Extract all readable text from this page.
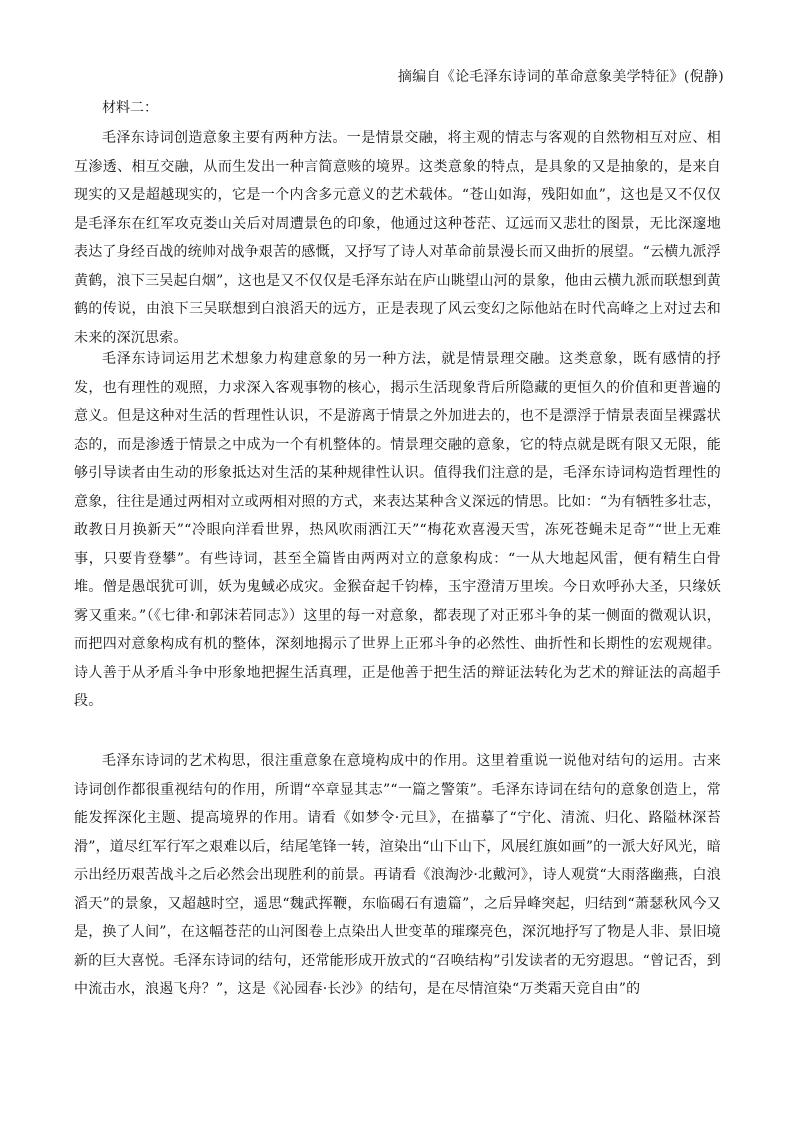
摘编自《论毛泽东诗词的革命意象美学特征》(倪静)
材料二：

毛泽东诗词创造意象主要有两种方法。一是情景交融，将主观的情志与客观的自然物相互对应、相互渗透、相互交融，从而生发出一种言简意赅的境界。这类意象的特点，是具象的又是抽象的，是来自现实的又是超越现实的，它是一个内含多元意义的艺术载体。“苍山如海，残阳如血”，这也是又不仅仅是毛泽东在红军攻克娄山关后对周遭景色的印象，他通过这种苍茫、辽远而又悲壮的图景，无比深邃地表达了身经百战的统帅对战争艰苦的感慨，又抒写了诗人对革命前景漫长而又曲折的展望。“云横九派浮黄鹤，浪下三吴起白烟”，这也是又不仅仅是毛泽东站在庐山眺望山河的景象，他由云横九派而联想到黄鹤的传说，由浪下三吴联想到白浪滔天的远方，正是表现了风云变幻之际他站在时代高峰之上对过去和未来的深沉思索。

毛泽东诗词运用艺术想象力构建意象的另一种方法，就是情景理交融。这类意象，既有感情的抒发，也有理性的观照，力求深入客观事物的核心，揭示生活现象背后所隐藏的更恒久的价值和更普遍的意义。但是这种对生活的哲理性认识，不是游离于情景之外加进去的，也不是漂浮于情景表面呈裸露状态的，而是渗透于情景之中成为一个有机整体的。情景理交融的意象，它的特点就是既有限又无限，能够引导读者由生动的形象抵达对生活的某种规律性认识。值得我们注意的是，毛泽东诗词构造哲理性的意象，往往是通过两相对立或两相对照的方式，来表达某种含义深远的情思。比如：“为有牺牲多壮志，敢教日月换新天”“冷眼向洋看世界，热风吹雨洒江天”“梅花欢喜漫天雪，冻死苍蝇未足奇”“世上无难事，只要肯登攀”。有些诗词，甚至全篇皆由两两对立的意象构成：“一从大地起风雷，便有精生白骨堆。僧是愚氓犹可训，妖为鬼蜮必成灾。金猴奋起千钧棒，玉宇澄清万里埃。今日欢呼孙大圣，只缘妖雾又重来。”（《七律·和郭沫若同志》）这里的每一对意象，都表现了对正邪斗争的某一侧面的微观认识，而把四对意象构成有机的整体，深刻地揭示了世界上正邪斗争的必然性、曲折性和长期性的宏观规律。诗人善于从矛盾斗争中形象地把握生活真理，正是他善于把生活的辩证法转化为艺术的辩证法的高超手段。

毛泽东诗词的艺术构思，很注重意象在意境构成中的作用。这里着重说一说他对结句的运用。古来诗词创作都很重视结句的作用，所谓“卒章显其志”“一篇之警策”。毛泽东诗词在结句的意象创造上，常能发挥深化主题、提高境界的作用。请看《如梦令·元旦》，在描摹了“宁化、清流、归化、路隘林深苔滑”，道尽红军行军之艰难以后，结尾笔锋一转，渲染出“山下山下，风展红旗如画”的一派大好风光，暗示出经历艰苦战斗之后必然会出现胜利的前景。再请看《浪淘沙·北戴河》，诗人观赏“大雨落幽燕，白浪滔天”的景象，又超越时空，遥思“魏武挥鞭，东临碣石有遗篇”，之后异峰突起，归结到“萧瑟秋风今又是，换了人间”，在这幅苍茫的山河图卷上点染出人世变革的璀璨亮色，深沉地抒写了物是人非、景旧境新的巨大喜悦。毛泽东诗词的结句，还常能形成开放式的“召唤结构”引发读者的无穷遐思。“曾记否，到中流击水，浪遏飞舟？”，这是《沁园春·长沙》的结句，是在尽情渲染“万类霜天竞自由”的
